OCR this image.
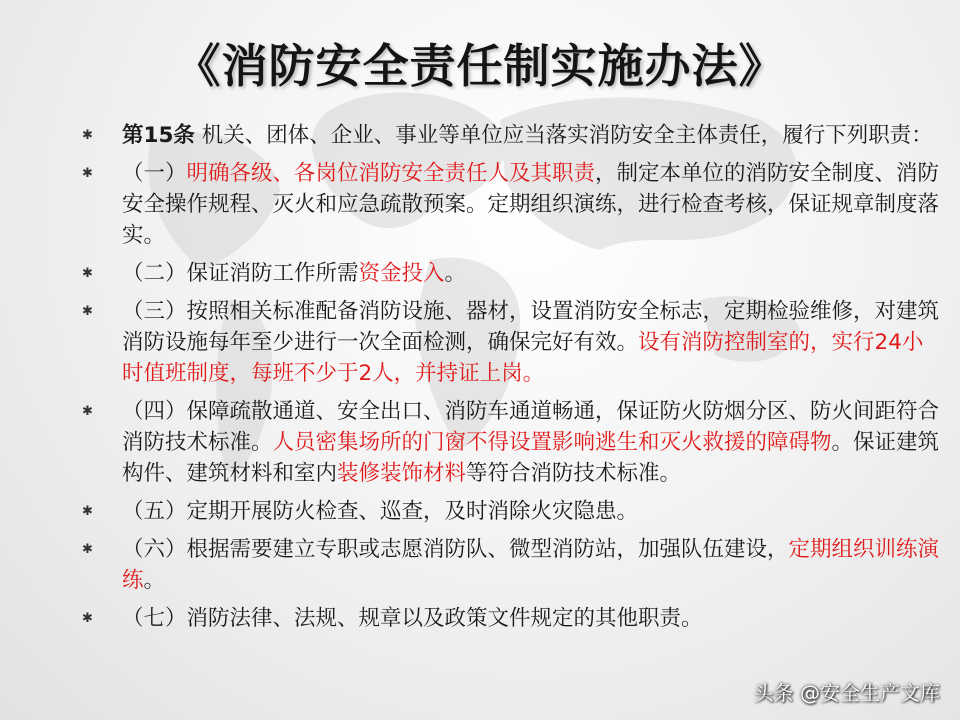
《消防安全责任制实施办法》
✱ 第15条 机关、团体、企业、事业等单位应当落实消防安全主体责任，履行下列职责：
✱ （一）明确各级、各岗位消防安全责任人及其职责，制定本单位的消防安全制度、消防安全操作规程、灭火和应急疏散预案。定期组织演练，进行检查考核，保证规章制度落实。
✱ （二）保证消防工作所需资金投入。
✱ （三）按照相关标准配备消防设施、器材，设置消防安全标志，定期检验维修，对建筑消防设施每年至少进行一次全面检测，确保完好有效。设有消防控制室的，实行24小时值班制度，每班不少于2人，并持证上岗。
✱ （四）保障疏散通道、安全出口、消防车通道畅通，保证防火防烟分区、防火间距符合消防技术标准。人员密集场所的门窗不得设置影响逃生和灭火救援的障碍物。保证建筑构件、建筑材料和室内装修装饰材料等符合消防技术标准。
✱ （五）定期开展防火检查、巡查，及时消除火灾隐患。
✱ （六）根据需要建立专职或志愿消防队、微型消防站，加强队伍建设，定期组织训练演练。
✱ （七）消防法律、法规、规章以及政策文件规定的其他职责。
头条 @安全生产文库
